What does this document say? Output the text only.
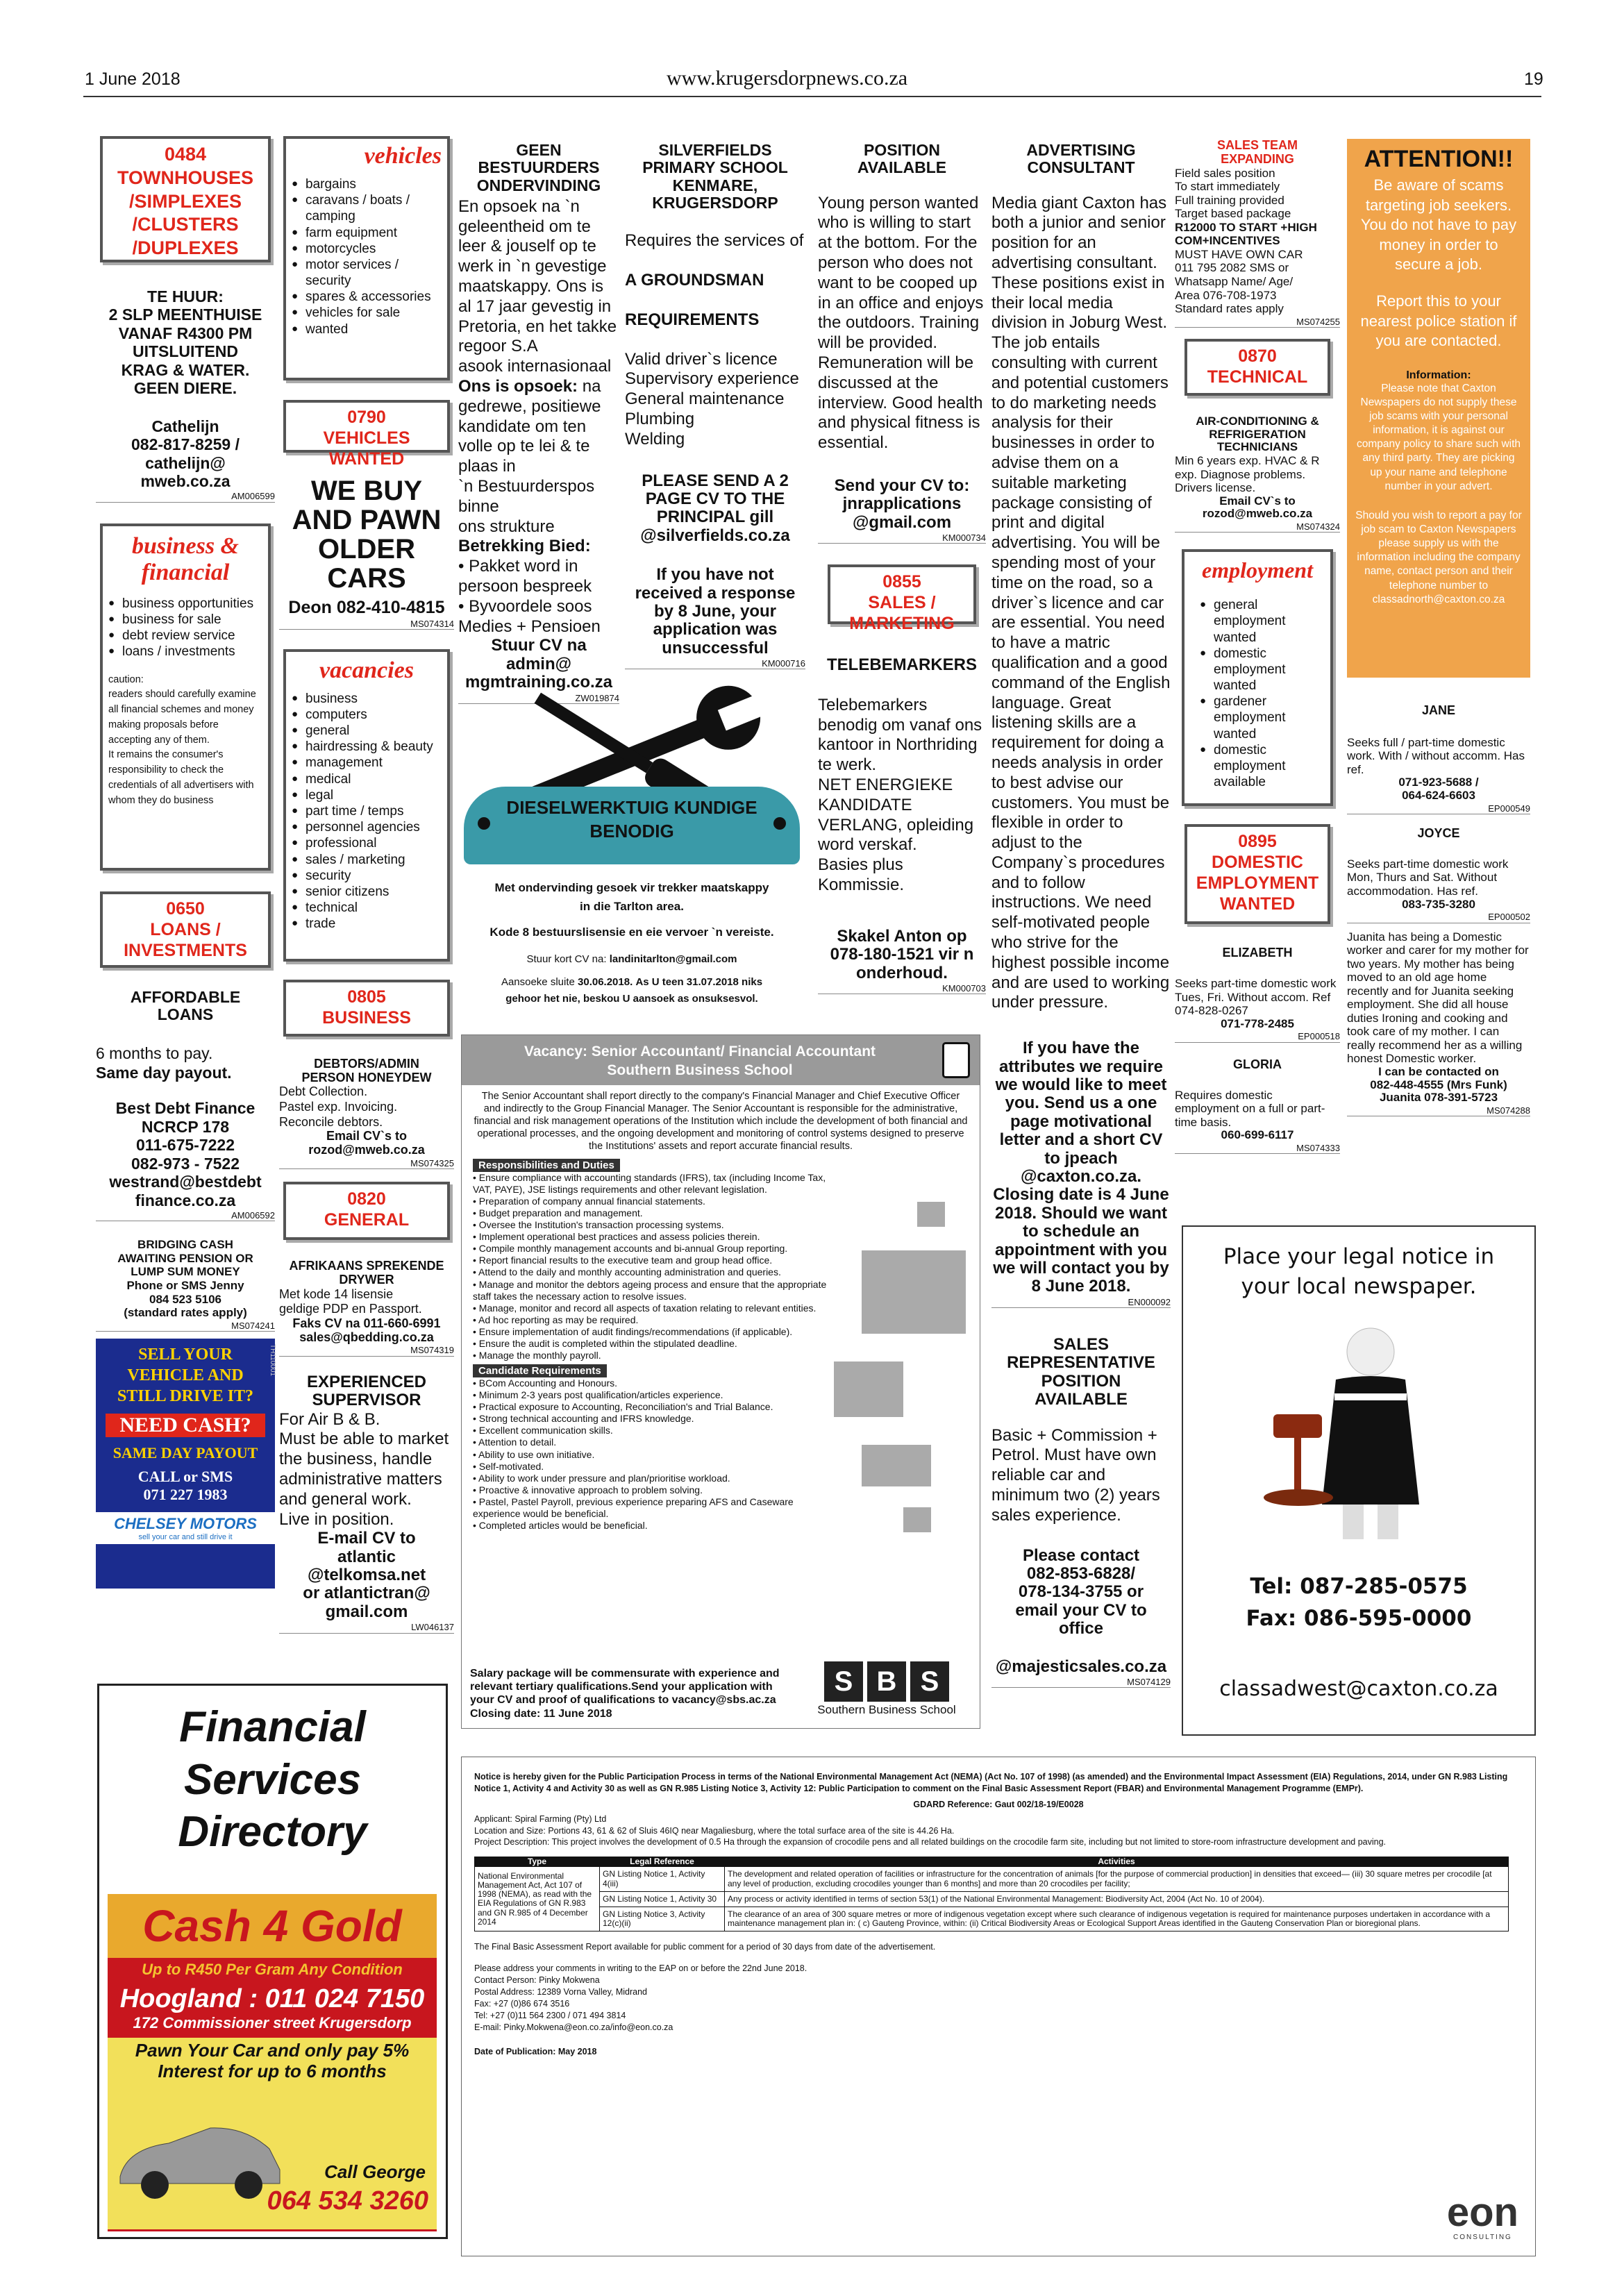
1 June 2018	www.krugersdorpnews.co.za	19
0484
TOWNHOUSES
/SIMPLEXES
/CLUSTERS
/DUPLEXES
TE HUUR:
2 SLP MEENTHUISE
VANAF R4300 PM
UITSLUITEND
KRAG & WATER.
GEEN DIERE.
Cathelijn
082-817-8259 /
cathelijn@
mweb.co.za
AM006599
business &
financial
● business opportunities
● business for sale
● debt review service
● loans / investments
caution:
readers should carefully examine all financial schemes and money making proposals before accepting any of them.
It remains the consumer's responsibility to check the credentials of all advertisers with whom they do business
0650
LOANS /
INVESTMENTS
AFFORDABLE
LOANS
6 months to pay.
Same day payout.
Best Debt Finance
NCRCP 178
011-675-7222
082-973 - 7522
westrand@bestdebt
finance.co.za
AM006592
BRIDGING CASH
AWAITING PENSION OR
LUMP SUM MONEY
Phone or SMS Jenny
084 523 5106
(standard rates apply)
MS074241
SELL YOUR
VEHICLE AND
STILL DRIVE IT?
NEED CASH?
SAME DAY PAYOUT
CALL or SMS
071 227 1983
CHELSEY MOTORS
sell your car and still drive it
TH110001
vehicles
● bargains
● caravans / boats / camping
● farm equipment
● motorcycles
● motor services / security
● spares & accessories
● vehicles for sale
● wanted
0790
VEHICLES WANTED
WE BUY
AND PAWN
OLDER
CARS
Deon 082-410-4815
MS074314
vacancies
● business
● computers
● general
● hairdressing & beauty
● management
● medical
● legal
● part time / temps
● personnel agencies
● professional
● sales / marketing
● security
● senior citizens
● technical
● trade
0805
BUSINESS
DEBTORS/ADMIN
PERSON HONEYDEW
Debt Collection.
Pastel exp. Invoicing.
Reconcile debtors.
Email CV`s to
rozod@mweb.co.za
MS074325
0820
GENERAL
AFRIKAANS SPREKENDE
DRYWER
Met kode 14 lisensie
geldige PDP en Passport.
Faks CV na 011-660-6991
sales@qbedding.co.za
MS074319
EXPERIENCED
SUPERVISOR
For Air B & B.
Must be able to market the business, handle administrative matters and general work.
Live in position.
E-mail CV to
atlantic
@telkomsa.net
or atlantictran@
gmail.com
LW046137
GEEN
BESTUURDERS
ONDERVINDING
En opsoek na `n geleentheid om te leer & jouself op te werk in `n gevestige maatskappy. Ons is al 17 jaar gevestig in Pretoria, en het takke regoor S.A
asook internasionaal
Ons is opsoek: na gedrewe, positiewe kandidate om ten volle op te lei & te plaas in
`n Bestuurderspos binne
ons strukture
Betrekking Bied:
• Pakket word in persoon bespreek
• Byvoordele soos Medies + Pensioen
Stuur CV na
admin@
mgmtraining.co.za
ZW019874
SILVERFIELDS
PRIMARY SCHOOL
KENMARE,
KRUGERSDORP
Requires the services of
A GROUNDSMAN
REQUIREMENTS
Valid driver`s licence
Supervisory experience
General maintenance
Plumbing
Welding
PLEASE SEND A 2 PAGE CV TO THE PRINCIPAL gill @silverfields.co.za
If you have not received a response by 8 June, your application was unsuccessful
KM000716
DIESELWERKTUIG KUNDIGE
BENODIG
Met ondervinding gesoek vir trekker maatskappy
in die Tarlton area.
Kode 8 bestuurslisensie en eie vervoer `n vereiste.
Stuur kort CV na: landinitarlton@gmail.com
Aansoeke sluite 30.06.2018. As U teen 31.07.2018 niks
gehoor het nie, beskou U aansoek as onsuksesvol.
Vacancy: Senior Accountant/ Financial Accountant
Southern Business School
The Senior Accountant shall report directly to the company's Financial Manager and Chief Executive Officer and indirectly to the Group Financial Manager. The Senior Accountant is responsible for the administrative, financial and risk management operations of the Institution which include the development of both financial and operational processes, and the ongoing development and monitoring of control systems designed to preserve the Institutions' assets and report accurate financial results.
Responsibilities and Duties
• Ensure compliance with accounting standards (IFRS), tax (including Income Tax, VAT, PAYE), JSE listings requirements and other relevant legislation.
• Preparation of company annual financial statements.
• Budget preparation and management.
• Oversee the Institution's transaction processing systems.
• Implement operational best practices and assess policies therein.
• Compile monthly management accounts and bi-annual Group reporting.
• Report financial results to the executive team and group head office.
• Attend to the daily and monthly accounting administration and queries.
• Manage and monitor the debtors ageing process and ensure that the appropriate staff takes the necessary action to resolve issues.
• Manage, monitor and record all aspects of taxation relating to relevant entities.
• Ad hoc reporting as may be required.
• Ensure implementation of audit findings/recommendations (if applicable).
• Ensure the audit is completed within the stipulated deadline.
• Manage the monthly payroll.
Candidate Requirements
• BCom Accounting and Honours.
• Minimum 2-3 years post qualification/articles experience.
• Practical exposure to Accounting, Reconciliation's and Trial Balance.
• Strong technical accounting and IFRS knowledge.
• Excellent communication skills.
• Attention to detail.
• Ability to use own initiative.
• Self-motivated.
• Ability to work under pressure and plan/prioritise workload.
• Proactive & innovative approach to problem solving.
• Pastel, Pastel Payroll, previous experience preparing AFS and Caseware experience would be beneficial.
• Completed articles would be beneficial.
Salary package will be commensurate with experience and relevant tertiary qualifications.Send your application with your CV and proof of qualifications to vacancy@sbs.ac.za
Closing date: 11 June 2018
S B S
Southern Business School
POSITION
AVAILABLE
Young person wanted who is willing to start at the bottom. For the person who does not want to be cooped up in an office and enjoys the outdoors. Training will be provided. Remuneration will be discussed at the interview. Good health and physical fitness is essential.
Send your CV to:
jnrapplications
@gmail.com
KM000734
0855
SALES / MARKETING
TELEBEMARKERS
Telebemarkers benodig om vanaf ons kantoor in Northriding te werk.
NET ENERGIEKE KANDIDATE VERLANG, opleiding word verskaf.
Basies plus Kommissie.
Skakel Anton op
078-180-1521 vir n
onderhoud.
KM000703
ADVERTISING
CONSULTANT
Media giant Caxton has both a junior and senior position for an advertising consultant. These positions exist in their local media division in Joburg West. The job entails consulting with current and potential customers to do marketing needs analysis for their businesses in order to advise them on a suitable marketing package consisting of print and digital advertising. You will be spending most of your time on the road, so a driver`s licence and car are essential. You need to have a matric qualification and a good command of the English language. Great listening skills are a requirement for doing a needs analysis in order to best advise our customers. You must be flexible in order to adjust to the Company`s procedures and to follow instructions. We need self-motivated people who strive for the highest possible income and are used to working under pressure.
If you have the attributes we require we would like to meet you. Send us a one page motivational letter and a short CV to jpeach @caxton.co.za. Closing date is 4 June 2018. Should we want to schedule an appointment with you we will contact you by 8 June 2018.
EN000092
SALES
REPRESENTATIVE
POSITION
AVAILABLE
Basic + Commission + Petrol. Must have own reliable car and minimum two (2) years sales experience.
Please contact
082-853-6828/
078-134-3755 or
email your CV to
office
@majesticsales.co.za
MS074129
SALES TEAM
EXPANDING
Field sales position
To start immediately
Full training provided
Target based package
R12000 TO START +HIGH
COM+INCENTIVES
MUST HAVE OWN CAR
011 795 2082 SMS or
Whatsapp Name/ Age/
Area 076-708-1973
Standard rates apply
MS074255
0870
TECHNICAL
AIR-CONDITIONING &
REFRIGERATION
TECHNICIANS
Min 6 years exp. HVAC & R exp. Diagnose problems. Drivers license.
Email CV`s to
rozod@mweb.co.za
MS074324
employment
● general employment wanted
● domestic employment wanted
● gardener employment wanted
● domestic employment available
0895
DOMESTIC
EMPLOYMENT
WANTED
ELIZABETH
Seeks part-time domestic work Tues, Fri. Without accom. Ref 074-828-0267
071-778-2485
EP000518
GLORIA
Requires domestic employment on a full or part-time basis.
060-699-6117
MS074333
ATTENTION!!
Be aware of scams targeting job seekers. You do not have to pay money in order to secure a job.
Report this to your nearest police station if you are contacted.
Information:
Please note that Caxton Newspapers do not supply these job scams with your personal information, it is against our company policy to share such with any third party. They are picking up your name and telephone number in your advert.
Should you wish to report a pay for job scam to Caxton Newspapers please supply us with the information including the company name, contact person and their telephone number to classadnorth@caxton.co.za
JANE
Seeks full / part-time domestic work. With / without accomm. Has ref.
071-923-5688 /
064-624-6603
EP000549
JOYCE
Seeks part-time domestic work Mon, Thurs and Sat. Without accommodation. Has ref.
083-735-3280
EP000502
Juanita has being a Domestic worker and carer for my mother for two years. My mother has being moved to an old age home recently and for Juanita seeking employment. She did all house duties Ironing and cooking and took care of my mother. I can really recommend her as a willing honest Domestic worker.
I can be contacted on
082-448-4555 (Mrs Funk)
Juanita 078-391-5723
MS074288
Place your legal notice in
your local newspaper.
Tel: 087-285-0575
Fax: 086-595-0000
classadwest@caxton.co.za
Financial
Services
Directory
Cash 4 Gold
Up to R450 Per Gram Any Condition
Hoogland : 011 024 7150
172 Commissioner street Krugersdorp
Pawn Your Car and only pay 5%
Interest for up to 6 months
Call George
064 534 3260
Notice is hereby given for the Public Participation Process in terms of the National Environmental Management Act (NEMA) (Act No. 107 of 1998) (as amended) and the Environmental Impact Assessment (EIA) Regulations, 2014, under GN R.983 Listing Notice 1, Activity 4 and Activity 30 as well as GN R.985 Listing Notice 3, Activity 12: Public Participation to comment on the Final Basic Assessment Report (FBAR) and Environmental Management Programme (EMPr).
GDARD Reference: Gaut 002/18-19/E0028
Applicant: Spiral Farming (Pty) Ltd
Location and Size: Portions 43, 61 & 62 of Sluis 46IQ near Magaliesburg, where the total surface area of the site is 44.26 Ha.
Project Description: This project involves the development of 0.5 Ha through the expansion of crocodile pens and all related buildings on the crocodile farm site, including but not limited to store-room infrastructure development and paving.
Type	Legal Reference	Activities
National Environmental Management Act, Act 107 of 1998 (NEMA), as read with the EIA Regulations of GN R.983 and GN R.985 of 4 December 2014	GN Listing Notice 1, Activity 4(iii)	The development and related operation of facilities or infrastructure for the concentration of animals [for the purpose of commercial production] in densities that exceed— (iii) 30 square metres per crocodile [at any level of production, excluding crocodiles younger than 6 months] and more than 20 crocodiles per facility;
	GN Listing Notice 1, Activity 30	Any process or activity identified in terms of section 53(1) of the National Environmental Management: Biodiversity Act, 2004 (Act No. 10 of 2004).
	GN Listing Notice 3, Activity 12(c)(ii)	The clearance of an area of 300 square metres or more of indigenous vegetation except where such clearance of indigenous vegetation is required for maintenance purposes undertaken in accordance with a maintenance management plan in: ( c) Gauteng Province, within: (ii) Critical Biodiversity Areas or Ecological Support Areas identified in the Gauteng Conservation Plan or bioregional plans.
The Final Basic Assessment Report available for public comment for a period of 30 days from date of the advertisement.
Please address your comments in writing to the EAP on or before the 22nd June 2018.
Contact Person: Pinky Mokwena
Postal Address: 12389 Vorna Valley, Midrand
Fax: +27 (0)86 674 3516
Tel: +27 (0)11 564 2300 / 071 494 3814
E-mail: Pinky.Mokwena@eon.co.za/info@eon.co.za
Date of Publication: May 2018
eon
CONSULTING
